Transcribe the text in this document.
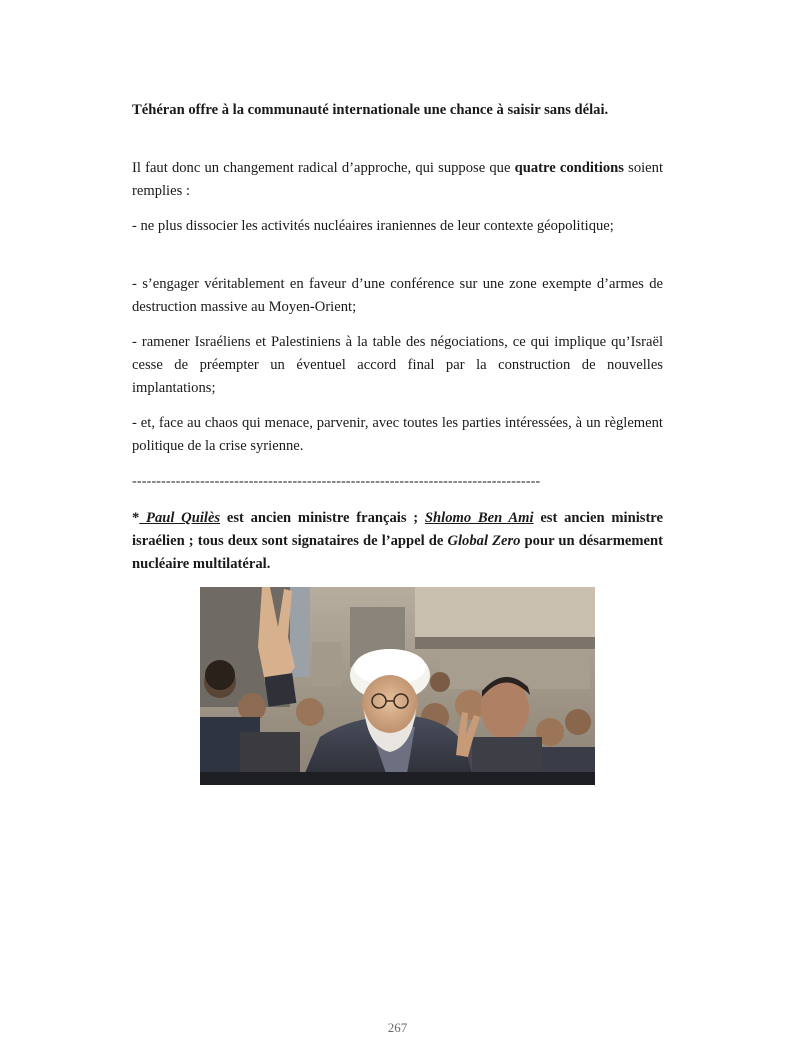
Téhéran offre à la communauté internationale une chance à saisir sans délai.

Il faut donc un changement radical d’approche, qui suppose que quatre conditions soient remplies :

- ne plus dissocier les activités nucléaires iraniennes de leur contexte géopolitique;

- s’engager véritablement en faveur d’une conférence sur une zone exempte d’armes de destruction massive au Moyen-Orient;

- ramener Israéliens et Palestiniens à la table des négociations, ce qui implique qu’Israël cesse de préempter un éventuel accord final par la construction de nouvelles implantations;

- et, face au chaos qui menace, parvenir, avec toutes les parties intéressées, à un règlement politique de la crise syrienne.

------------------------------------------------------------------------------------

* Paul Quilès est ancien ministre français ; Shlomo Ben Ami est ancien ministre israélien ; tous deux sont signataires de l’appel de Global Zero pour un désarmement nucléaire multilatéral.

267
